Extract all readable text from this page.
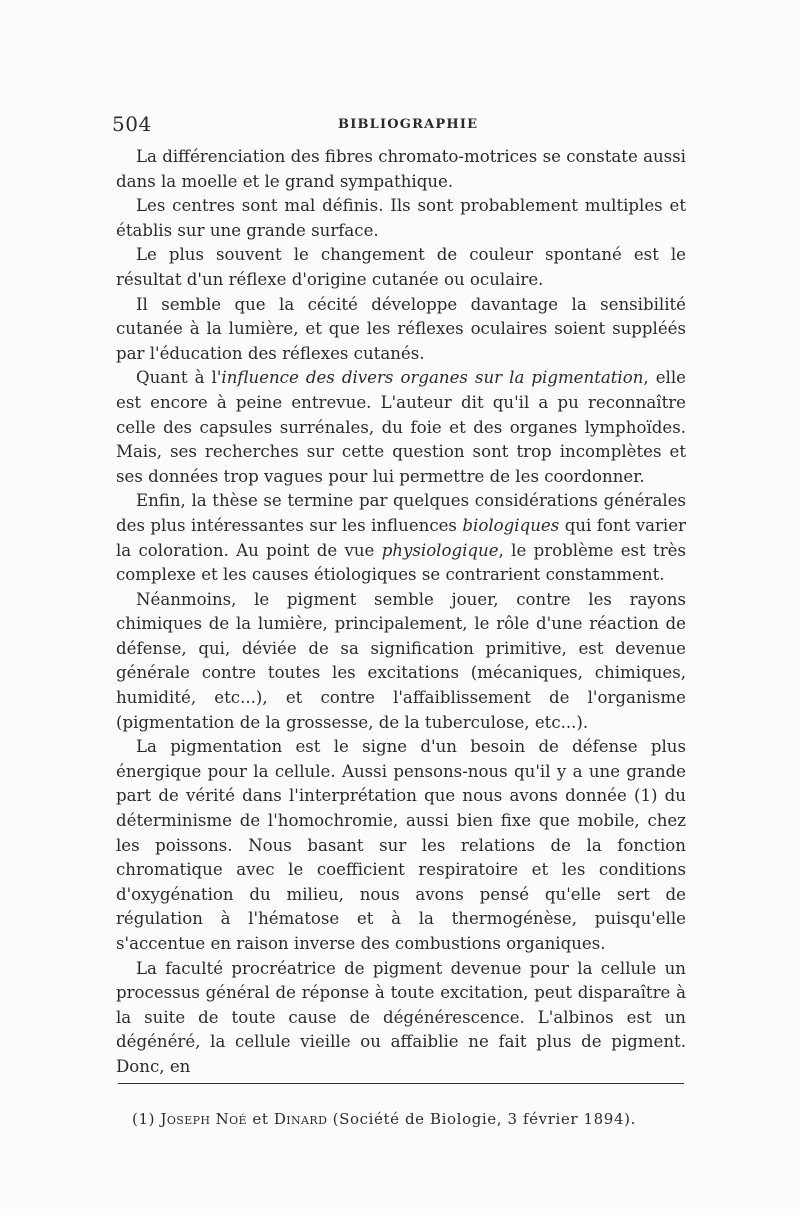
504	BIBLIOGRAPHIE

La différenciation des fibres chromato-motrices se constate aussi dans la moelle et le grand sympathique.

Les centres sont mal définis. Ils sont probablement multiples et établis sur une grande surface.

Le plus souvent le changement de couleur spontané est le résultat d'un réflexe d'origine cutanée ou oculaire.

Il semble que la cécité développe davantage la sensibilité cutanée à la lumière, et que les réflexes oculaires soient suppléés par l'éducation des réflexes cutanés.

Quant à l'influence des divers organes sur la pigmentation, elle est encore à peine entrevue. L'auteur dit qu'il a pu reconnaître celle des capsules surrénales, du foie et des organes lymphoïdes. Mais, ses recherches sur cette question sont trop incomplètes et ses données trop vagues pour lui permettre de les coordonner.

Enfin, la thèse se termine par quelques considérations générales des plus intéressantes sur les influences biologiques qui font varier la coloration. Au point de vue physiologique, le problème est très complexe et les causes étiologiques se contrarient constamment.

Néanmoins, le pigment semble jouer, contre les rayons chimiques de la lumière, principalement, le rôle d'une réaction de défense, qui, déviée de sa signification primitive, est devenue générale contre toutes les excitations (mécaniques, chimiques, humidité, etc...), et contre l'affaiblissement de l'organisme (pigmentation de la grossesse, de la tuberculose, etc...).

La pigmentation est le signe d'un besoin de défense plus énergique pour la cellule. Aussi pensons-nous qu'il y a une grande part de vérité dans l'interprétation que nous avons donnée (1) du déterminisme de l'homochromie, aussi bien fixe que mobile, chez les poissons. Nous basant sur les relations de la fonction chromatique avec le coefficient respiratoire et les conditions d'oxygénation du milieu, nous avons pensé qu'elle sert de régulation à l'hématose et à la thermogénèse, puisqu'elle s'accentue en raison inverse des combustions organiques.

La faculté procréatrice de pigment devenue pour la cellule un processus général de réponse à toute excitation, peut disparaître à la suite de toute cause de dégénérescence. L'albinos est un dégénéré, la cellule vieille ou affaiblie ne fait plus de pigment. Donc, en

(1) Joseph Noé et Dinard (Société de Biologie, 3 février 1894).
